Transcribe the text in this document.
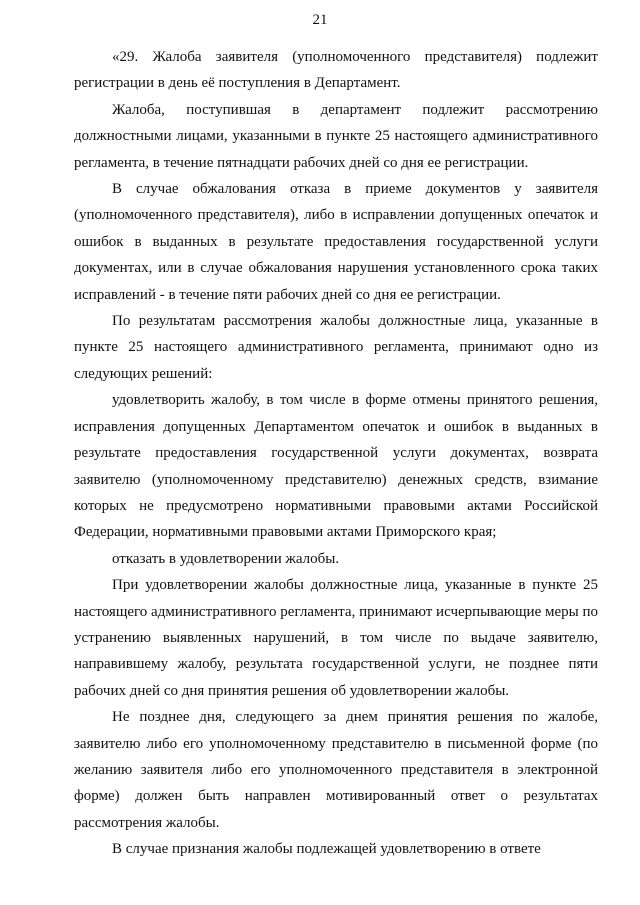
21

«29. Жалоба заявителя (уполномоченного представителя) подлежит регистрации в день её поступления в Департамент.

Жалоба, поступившая в департамент подлежит рассмотрению должностными лицами, указанными в пункте 25 настоящего административного регламента, в течение пятнадцати рабочих дней со дня ее регистрации.

В случае обжалования отказа в приеме документов у заявителя (уполномоченного представителя), либо в исправлении допущенных опечаток и ошибок в выданных в результате предоставления государственной услуги документах, или в случае обжалования нарушения установленного срока таких исправлений - в течение пяти рабочих дней со дня ее регистрации.

По результатам рассмотрения жалобы должностные лица, указанные в пункте 25 настоящего административного регламента, принимают одно из следующих решений:

удовлетворить жалобу, в том числе в форме отмены принятого решения, исправления допущенных Департаментом опечаток и ошибок в выданных в результате предоставления государственной услуги документах, возврата заявителю (уполномоченному представителю) денежных средств, взимание которых не предусмотрено нормативными правовыми актами Российской Федерации, нормативными правовыми актами Приморского края;

отказать в удовлетворении жалобы.

При удовлетворении жалобы должностные лица, указанные в пункте 25 настоящего административного регламента, принимают исчерпывающие меры по устранению выявленных нарушений, в том числе по выдаче заявителю, направившему жалобу, результата государственной услуги, не позднее пяти рабочих дней со дня принятия решения об удовлетворении жалобы.

Не позднее дня, следующего за днем принятия решения по жалобе, заявителю либо его уполномоченному представителю в письменной форме (по желанию заявителя либо его уполномоченного представителя в электронной форме) должен быть направлен мотивированный ответ о результатах рассмотрения жалобы.

В случае признания жалобы подлежащей удовлетворению в ответе
